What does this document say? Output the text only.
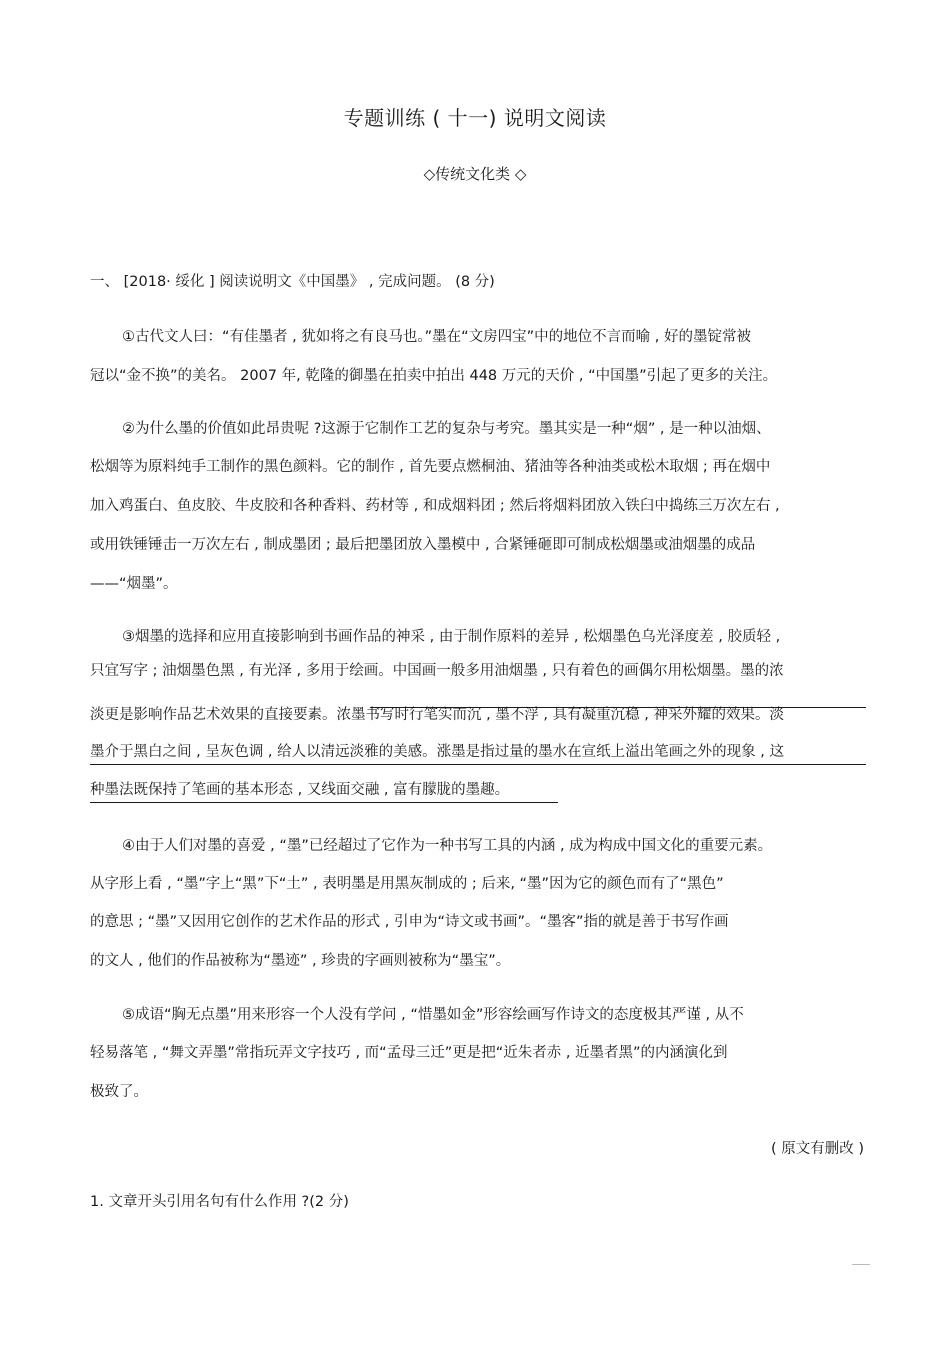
专题训练 ( 十一) 说明文阅读
◇传统文化类 ◇
一、 [2018· 绥化 ] 阅读说明文《中国墨》 , 完成问题。 (8 分)
①古代文人曰：“有佳墨者 , 犹如将之有良马也。”墨在“文房四宝”中的地位不言而喻 , 好的墨锭常被
冠以“金不换”的美名。 2007 年, 乾隆的御墨在拍卖中拍出 448 万元的天价 , “中国墨”引起了更多的关注。
②为什么墨的价值如此昂贵呢 ?这源于它制作工艺的复杂与考究。墨其实是一种“烟” , 是一种以油烟、
松烟等为原料纯手工制作的黑色颜料。它的制作 , 首先要点燃桐油、猪油等各种油类或松木取烟 ; 再在烟中
加入鸡蛋白、鱼皮胶、牛皮胶和各种香料、药材等 , 和成烟料团 ; 然后将烟料团放入铁臼中捣练三万次左右 ,
或用铁锤锤击一万次左右 , 制成墨团 ; 最后把墨团放入墨模中 , 合紧锤砸即可制成松烟墨或油烟墨的成品
——“烟墨”。
③烟墨的选择和应用直接影响到书画作品的神采 , 由于制作原料的差异 , 松烟墨色乌光泽度差 , 胶质轻 ,
只宜写字 ; 油烟墨色黑 , 有光泽 , 多用于绘画。中国画一般多用油烟墨 , 只有着色的画偶尔用松烟墨。墨的浓
淡更是影响作品艺术效果的直接要素。浓墨书写时行笔实而沉 , 墨不浮 , 具有凝重沉稳 , 神采外耀的效果。淡
墨介于黑白之间 , 呈灰色调 , 给人以清远淡雅的美感。涨墨是指过量的墨水在宣纸上溢出笔画之外的现象 , 这
种墨法既保持了笔画的基本形态 , 又线面交融 , 富有朦胧的墨趣。
④由于人们对墨的喜爱 , “墨”已经超过了它作为一种书写工具的内涵 , 成为构成中国文化的重要元素。
从字形上看 , “墨”字上“黑”下“土” , 表明墨是用黑灰制成的 ; 后来, “墨”因为它的颜色而有了“黑色”
的意思 ; “墨”又因用它创作的艺术作品的形式 , 引申为“诗文或书画”。“墨客”指的就是善于书写作画
的文人 , 他们的作品被称为“墨迹” , 珍贵的字画则被称为“墨宝”。
⑤成语“胸无点墨”用来形容一个人没有学问 , “惜墨如金”形容绘画写作诗文的态度极其严谨 , 从不
轻易落笔 , “舞文弄墨”常指玩弄文字技巧 , 而“孟母三迁”更是把“近朱者赤 , 近墨者黑”的内涵演化到
极致了。
( 原文有删改 )
1. 文章开头引用名句有什么作用 ?(2 分)
